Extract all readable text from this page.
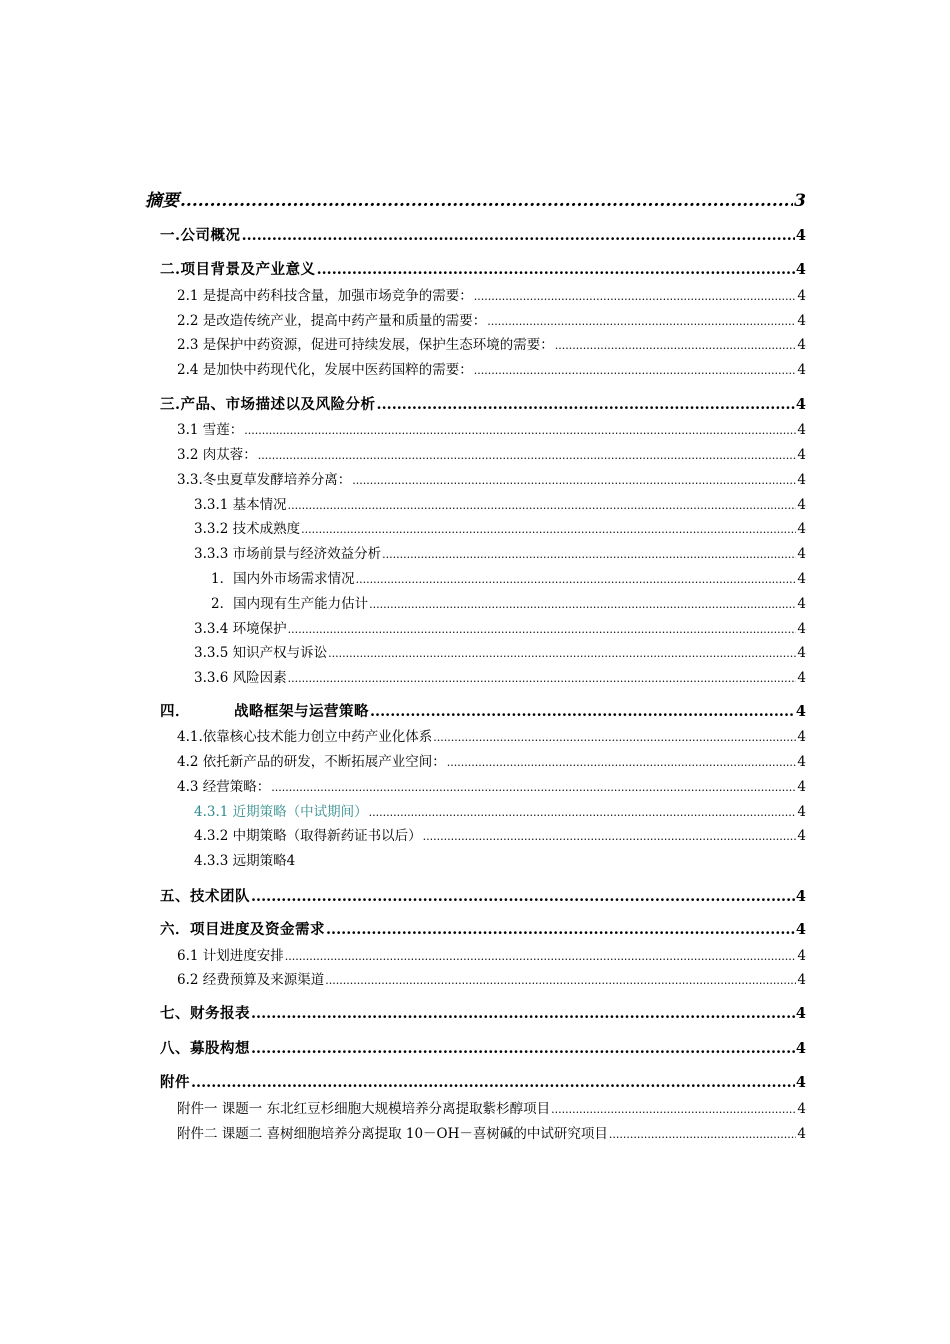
摘要 .....	3
一.公司概况 .....	4
二.项目背景及产业意义 .....	4
2.1 是提高中药科技含量，加强市场竞争的需要： .....	4
2.2 是改造传统产业，提高中药产量和质量的需要： .....	4
2.3 是保护中药资源，促进可持续发展，保护生态环境的需要： .....	4
2.4 是加快中药现代化，发展中医药国粹的需要： .....	4
三.产品、市场描述以及风险分析 .....	4
3.1 雪莲： .....	4
3.2 肉苁蓉： .....	4
3.3.冬虫夏草发酵培养分离： .....	4
3.3.1 基本情况 .....	4
3.3.2 技术成熟度 .....	4
3.3.3 市场前景与经济效益分析 .....	4
1．国内外市场需求情况 .....	4
2．国内现有生产能力估计 .....	4
3.3.4 环境保护 .....	4
3.3.5 知识产权与诉讼 .....	4
3.3.6 风险因素 .....	4
四．	战略框架与运营策略 .....	4
4.1.依靠核心技术能力创立中药产业化体系 .....	4
4.2 依托新产品的研发，不断拓展产业空间： .....	4
4.3 经营策略： .....	4
4.3.1 近期策略（中试期间） .....	4
4.3.2 中期策略（取得新药证书以后） .....	4
4.3.3 远期策略4
五、技术团队 .....	4
六．项目进度及资金需求 .....	4
6.1 计划进度安排 .....	4
6.2 经费预算及来源渠道 .....	4
七、财务报表 .....	4
八、募股构想 .....	4
附件 .....	4
附件一 课题一 东北红豆杉细胞大规模培养分离提取紫杉醇项目 .....	4
附件二 课题二 喜树细胞培养分离提取 10－OH－喜树碱的中试研究项目 .....	4
